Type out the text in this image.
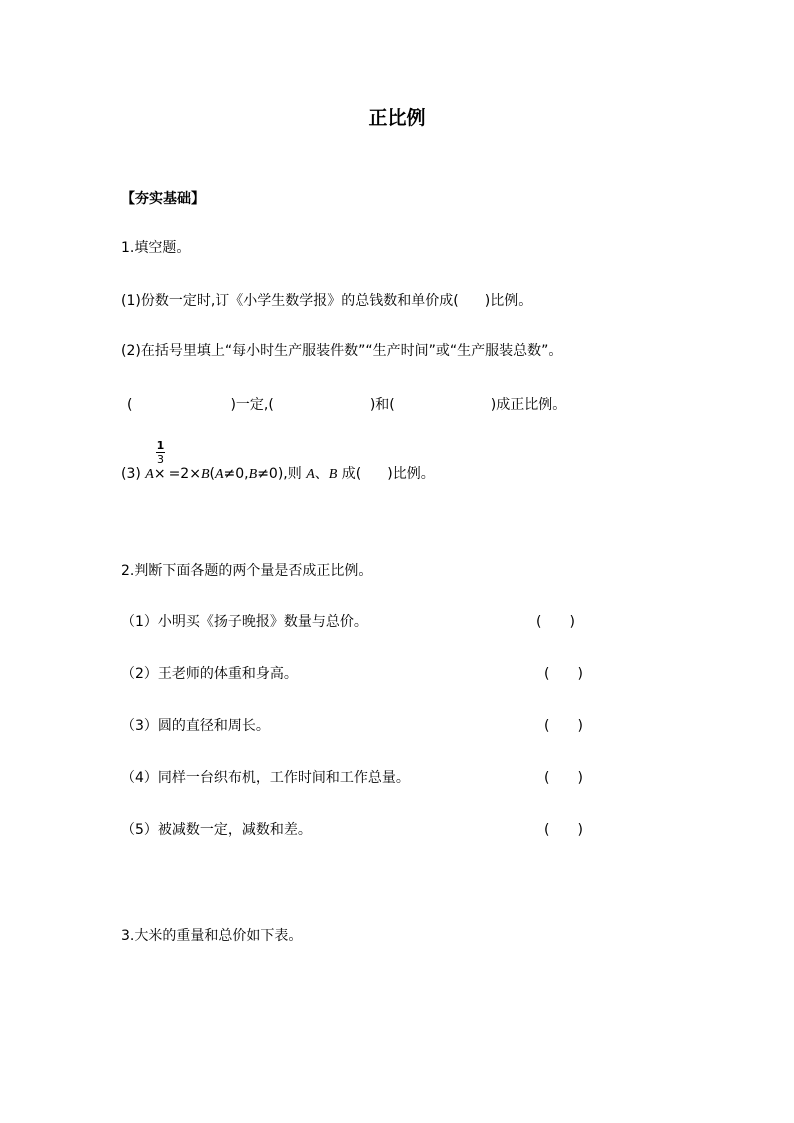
正比例
【夯实基础】
1.填空题。
(1)份数一定时,订《小学生数学报》的总钱数和单价成( )比例。
(2)在括号里填上“每小时生产服装件数”“生产时间”或“生产服装总数”。
(	)一定,(	)和(	)成正比例。
(3) A× =2×B(A≠0,B≠0),则 A、B 成( )比例。
1
3
2.判断下面各题的两个量是否成正比例。
（1）小明买《扬子晚报》数量与总价。	(　　)
（2）王老师的体重和身高。	(　　)
（3）圆的直径和周长。	(　　)
（4）同样一台织布机，工作时间和工作总量。	(　　)
（5）被减数一定，减数和差。	(　　)
3.大米的重量和总价如下表。
